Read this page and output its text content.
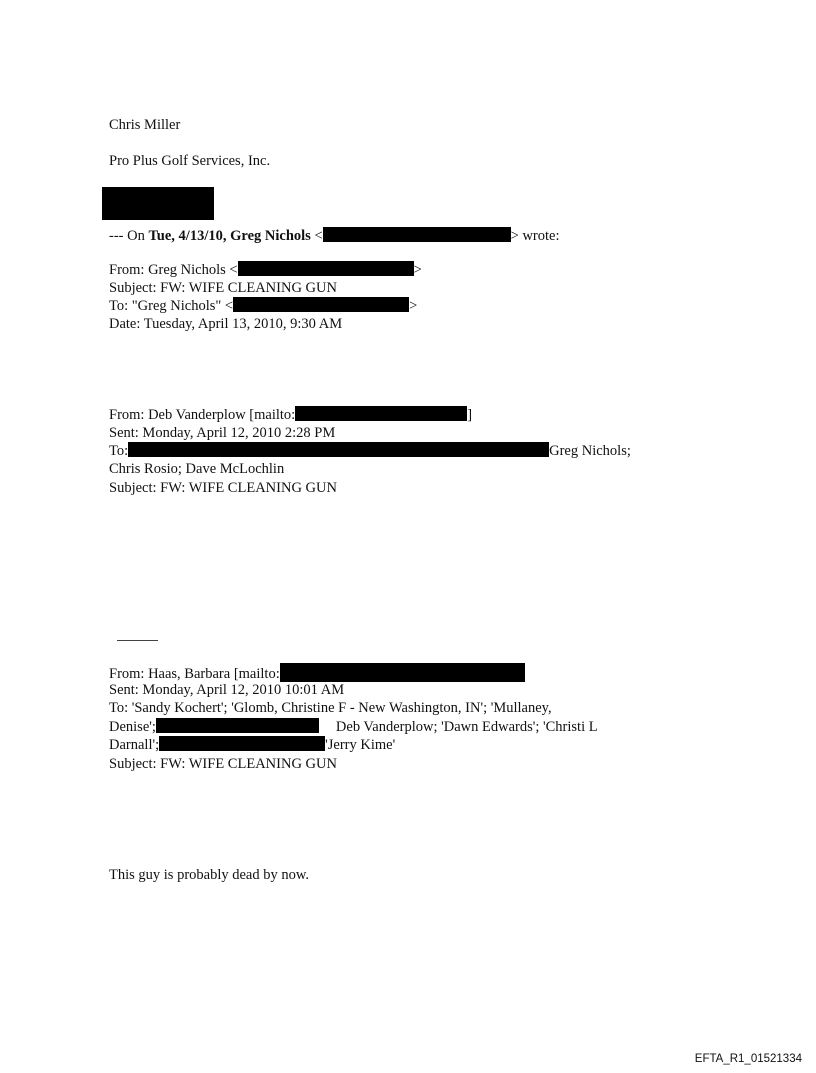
Chris Miller
Pro Plus Golf Services, Inc.
--- On Tue, 4/13/10, Greg Nichols <	> wrote:
From: Greg Nichols <	>
Subject: FW: WIFE CLEANING GUN
To: "Greg Nichols" <	>
Date: Tuesday, April 13, 2010, 9:30 AM
From: Deb Vanderplow [mailto:	]
Sent: Monday, April 12, 2010 2:28 PM
To:	Greg Nichols;
Chris Rosio; Dave McLochlin
Subject: FW: WIFE CLEANING GUN
From: Haas, Barbara [mailto:
Sent: Monday, April 12, 2010 10:01 AM
To: 'Sandy Kochert'; 'Glomb, Christine F - New Washington, IN'; 'Mullaney,
Denise';	Deb Vanderplow; 'Dawn Edwards'; 'Christi L
Darnall';	'Jerry Kime'
Subject: FW: WIFE CLEANING GUN
This guy is probably dead by now.
EFTA_R1_01521334
